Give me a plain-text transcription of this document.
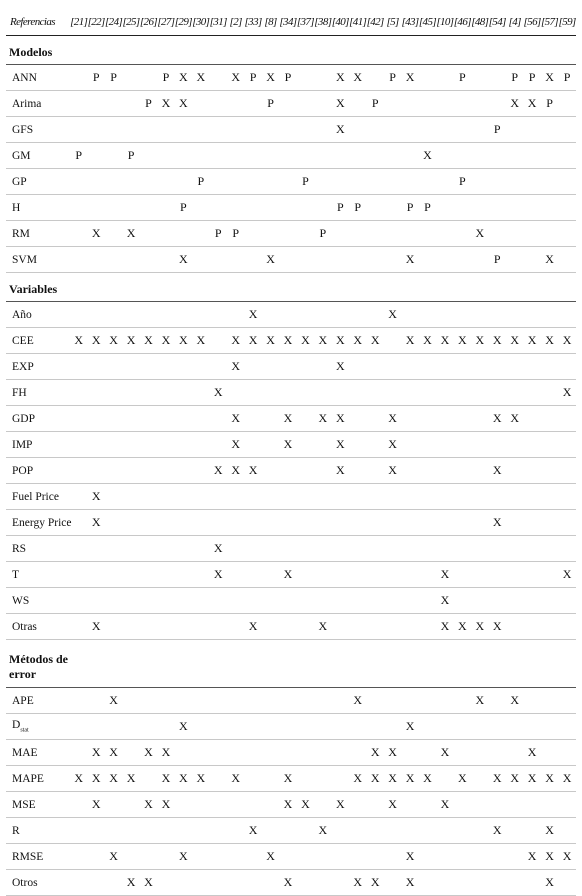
Referencias	[21]	[22]	[24]	[25]	[26]	[27]	[29]	[30]	[31]	[2]	[33]	[8]	[34]	[37]	[38]	[40]	[41]	[42]	[5]	[43]	[45]	[10]	[46]	[48]	[54]	[4]	[56]	[57]	[59]
Modelos																													
ANN		P	P			P	X	X		X	P	X	P			X	X		P	X			P			P	P	X	P
Arima					P	X	X					P				X		P								X	X	P	
GFS																X									P				
GM	P			P																	X								
GP								P						P									P						
H							P									P	P			P	P								
RM		X		X					P	P					P									X					
SVM							X					X								X					P			X	
Variables																													
Año											X								X										
CEE	X	X	X	X	X	X	X	X		X	X	X	X	X	X	X	X	X		X	X	X	X	X	X	X	X	X	X
EXP										X						X													
FH									X																				X
GDP										X			X		X	X			X						X	X			
IMP										X			X			X			X										
POP									X	X	X					X			X						X				
Fuel Price		X																											
Energy Price		X																							X				
RS									X																				
T									X				X									X							X
WS																						X							
Otras		X									X				X							X	X	X	X				
Métodos de error																													
APE			X														X							X		X			
$D_{stat}$							X													X									
MAE		X	X		X	X												X	X			X					X		
MAPE	X	X	X	X		X	X	X		X			X				X	X	X	X	X		X		X	X	X	X	X
MSE		X			X	X							X	X		X			X			X							
R											X				X										X			X	
RMSE			X				X					X								X							X	X	X
Otros				X	X								X				X	X		X								X	
